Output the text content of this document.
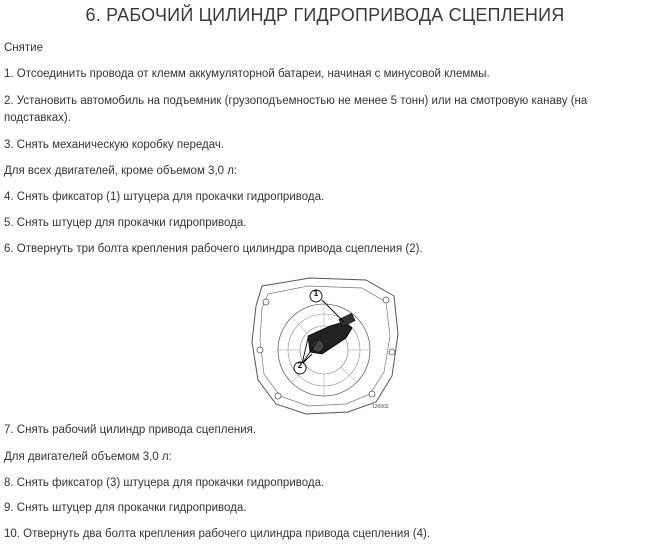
6. РАБОЧИЙ ЦИЛИНДР ГИДРОПРИВОДА СЦЕПЛЕНИЯ
Снятие
1. Отсоединить провода от клемм аккумуляторной батареи, начиная с минусовой клеммы.
2. Установить автомобиль на подъемник (грузоподъемностью не менее 5 тонн) или на смотровую канаву (на подставках).
3. Снять механическую коробку передач.
Для всех двигателей, кроме объемом 3,0 л:
4. Снять фиксатор (1) штуцера для прокачки гидропривода.
5. Снять штуцер для прокачки гидропривода.
6. Отвернуть три болта крепления рабочего цилиндра привода сцепления (2).
1
2
126002
7. Снять рабочий цилиндр привода сцепления.
Для двигателей объемом 3,0 л:
8. Снять фиксатор (3) штуцера для прокачки гидропривода.
9. Снять штуцер для прокачки гидропривода.
10. Отвернуть два болта крепления рабочего цилиндра привода сцепления (4).
